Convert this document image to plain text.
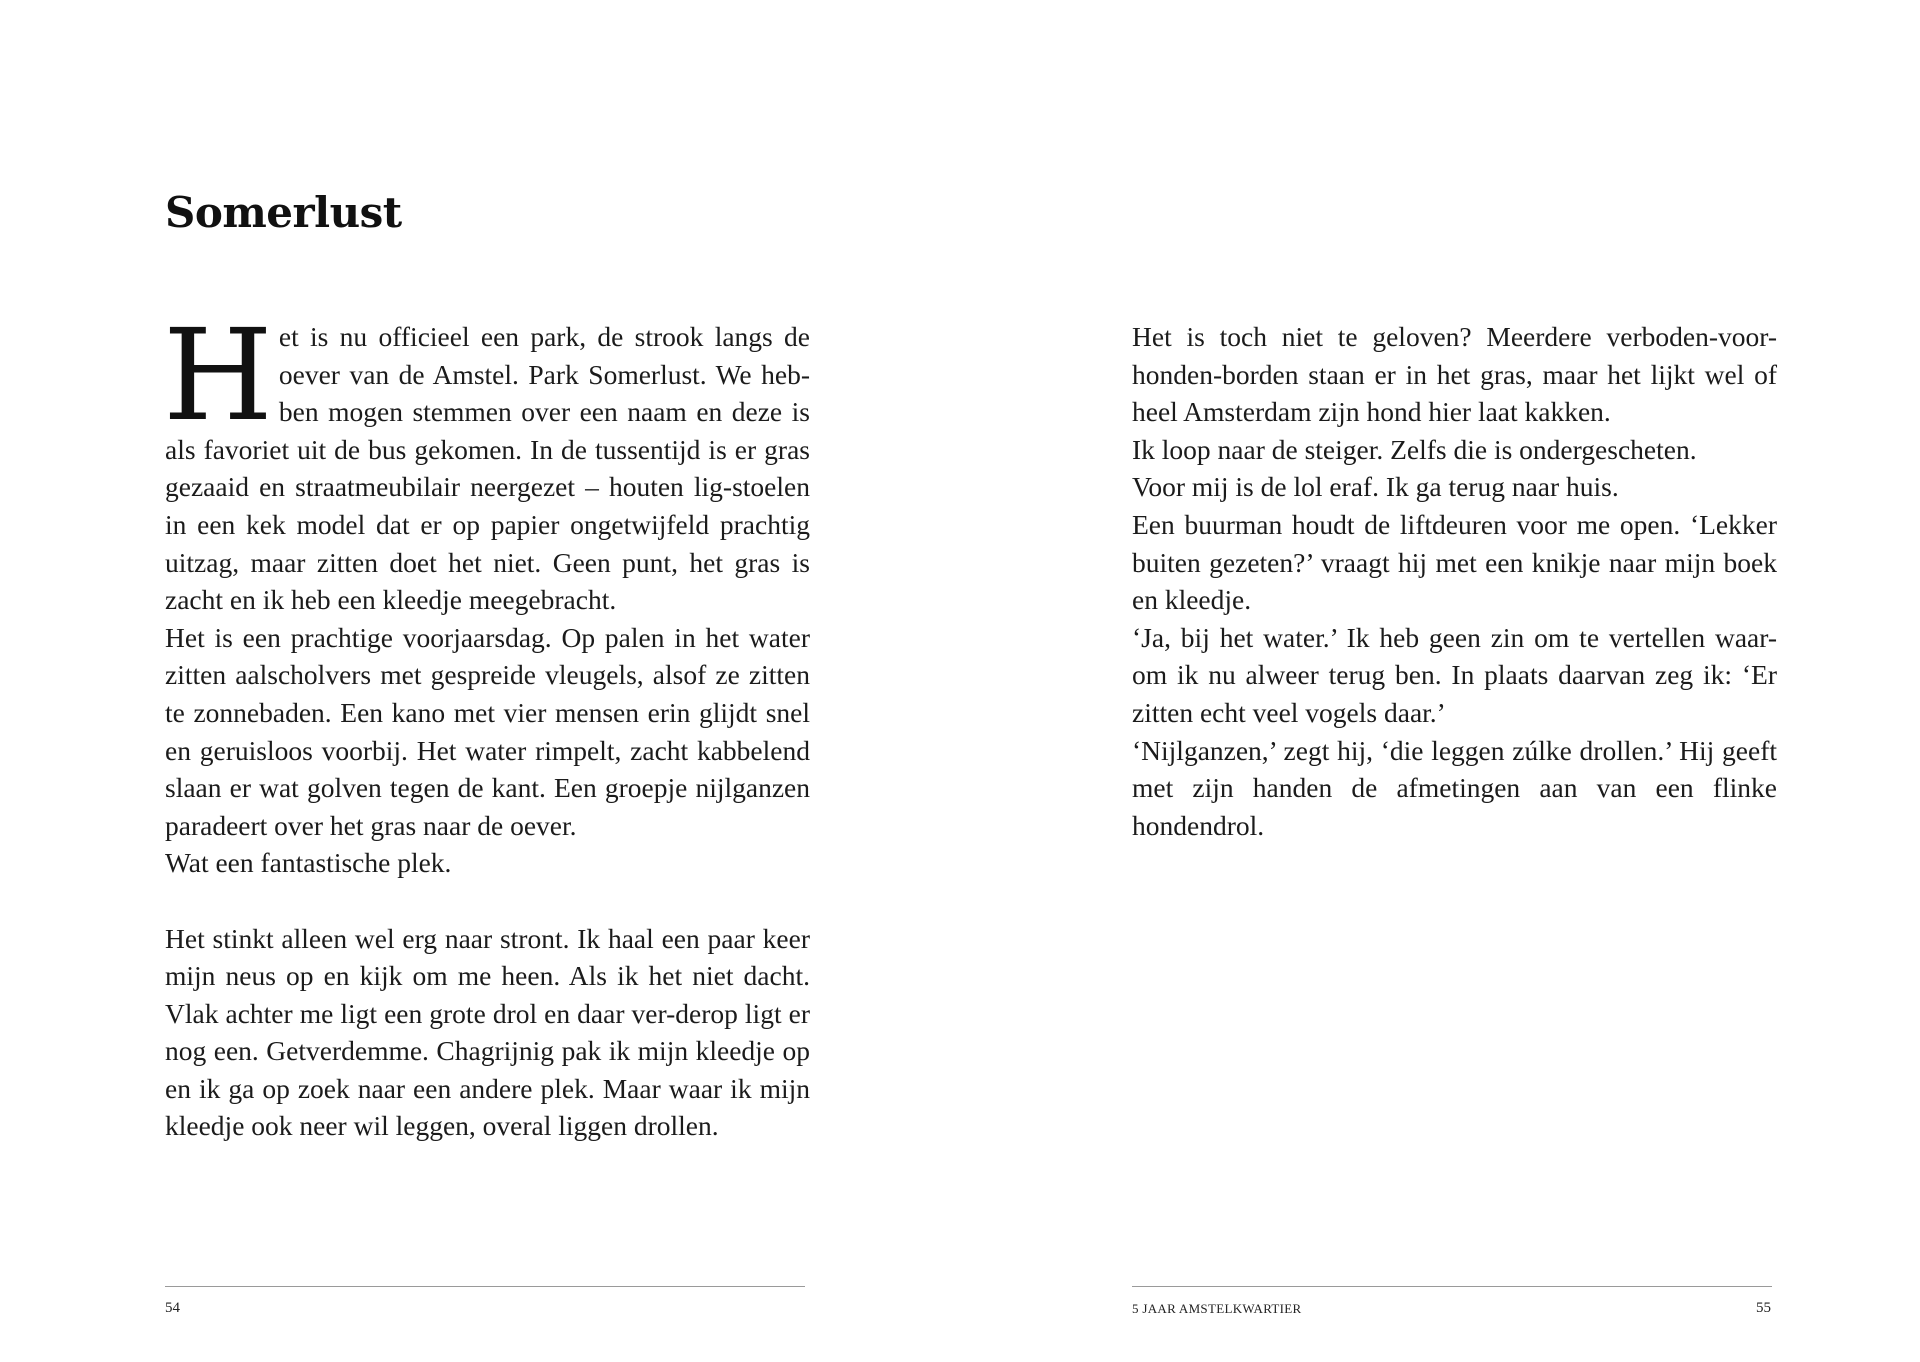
Somerlust

Het is nu officieel een park, de strook langs de oever van de Amstel. Park Somerlust. We heb-ben mogen stemmen over een naam en deze is als favoriet uit de bus gekomen. In de tussentijd is er gras gezaaid en straatmeubilair neergezet – houten lig-stoelen in een kek model dat er op papier ongetwijfeld prachtig uitzag, maar zitten doet het niet. Geen punt, het gras is zacht en ik heb een kleedje meegebracht.

Het is een prachtige voorjaarsdag. Op palen in het water zitten aalscholvers met gespreide vleugels, alsof ze zitten te zonnebaden. Een kano met vier mensen erin glijdt snel en geruisloos voorbij. Het water rimpelt, zacht kabbelend slaan er wat golven tegen de kant. Een groepje nijlganzen paradeert over het gras naar de oever.

Wat een fantastische plek.

Het stinkt alleen wel erg naar stront. Ik haal een paar keer mijn neus op en kijk om me heen. Als ik het niet dacht. Vlak achter me ligt een grote drol en daar ver-derop ligt er nog een. Getverdemme. Chagrijnig pak ik mijn kleedje op en ik ga op zoek naar een andere plek. Maar waar ik mijn kleedje ook neer wil leggen, overal liggen drollen.

54

Het is toch niet te geloven? Meerdere verboden-voor-honden-borden staan er in het gras, maar het lijkt wel of heel Amsterdam zijn hond hier laat kakken.

Ik loop naar de steiger. Zelfs die is ondergescheten.

Voor mij is de lol eraf. Ik ga terug naar huis.

Een buurman houdt de liftdeuren voor me open. ‘Lekker buiten gezeten?’ vraagt hij met een knikje naar mijn boek en kleedje.

‘Ja, bij het water.’ Ik heb geen zin om te vertellen waar-om ik nu alweer terug ben. In plaats daarvan zeg ik: ‘Er zitten echt veel vogels daar.’

‘Nijlganzen,’ zegt hij, ‘die leggen zúlke drollen.’ Hij geeft met zijn handen de afmetingen aan van een flinke hondendrol.

5 JAAR AMSTELKWARTIER	55
